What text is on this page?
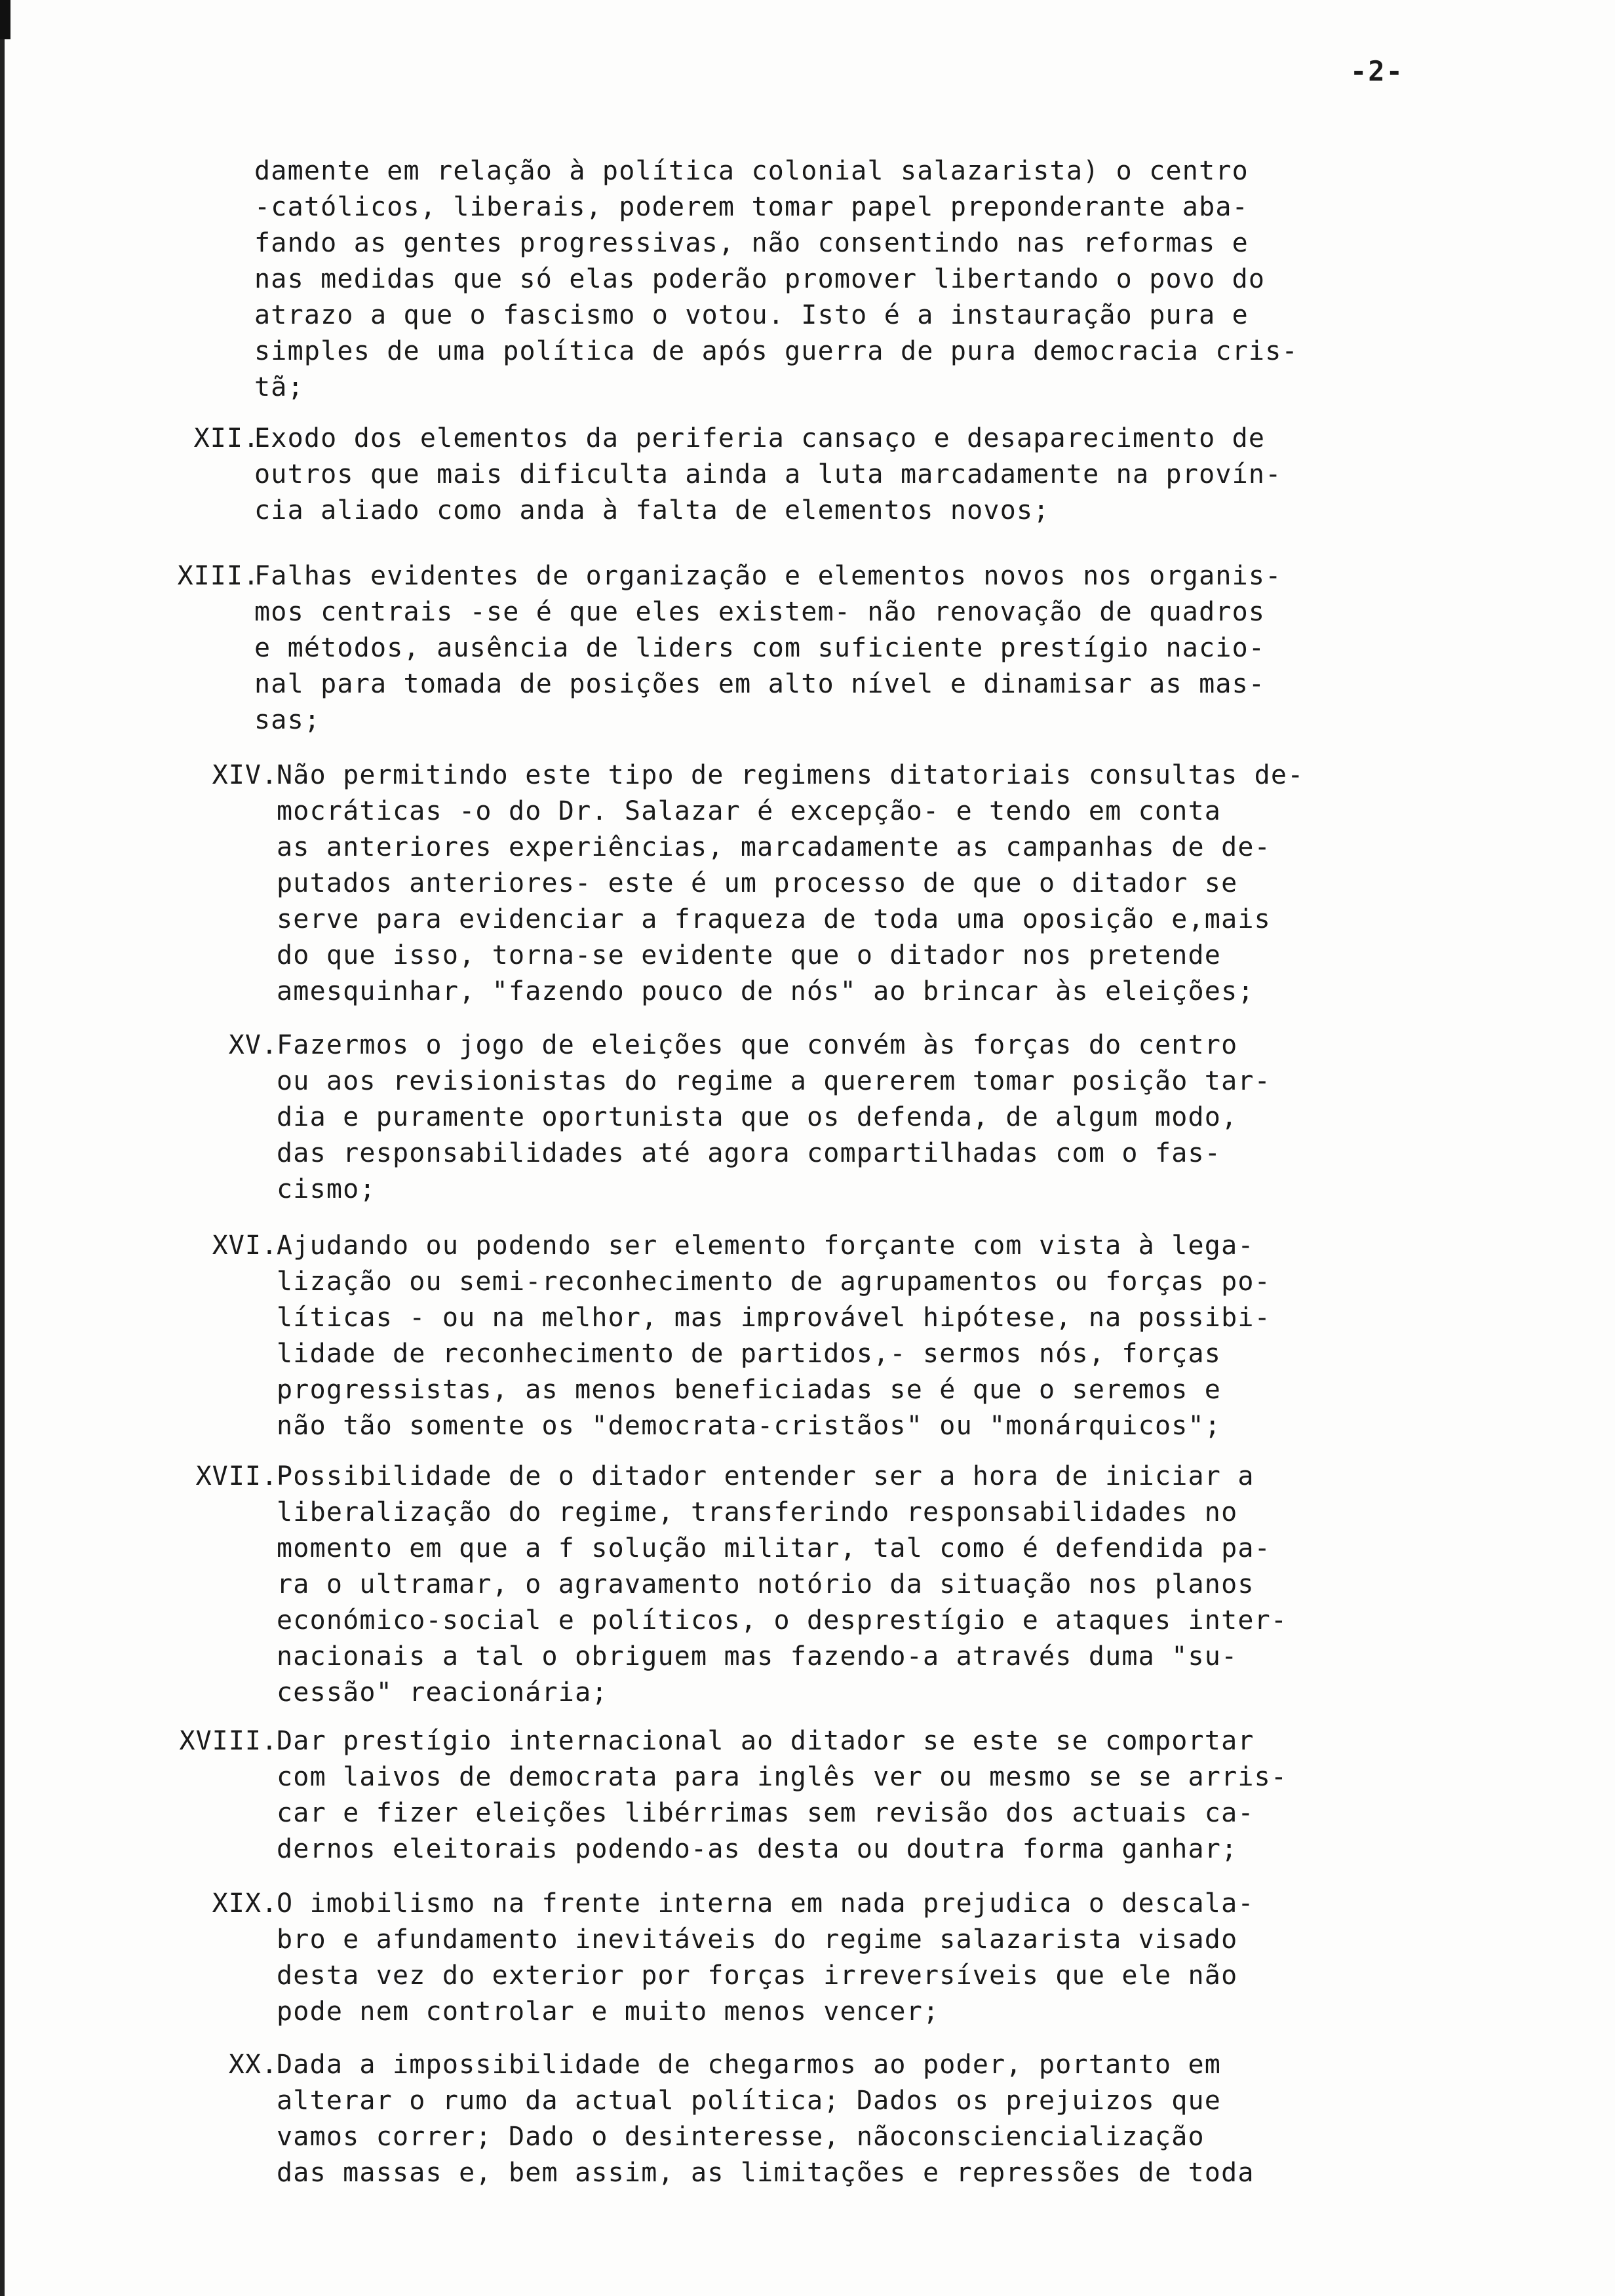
-2-
damente em relação à política colonial salazarista) o centro
-católicos, liberais, poderem tomar papel preponderante aba-
fando as gentes progressivas, não consentindo nas reformas e
nas medidas que só elas poderão promover libertando o povo do
atrazo a que o fascismo o votou. Isto é a instauração pura e
simples de uma política de após guerra de pura democracia cris-
tã;
XII.
Exodo dos elementos da periferia cansaço e desaparecimento de
outros que mais dificulta ainda a luta marcadamente na provín-
cia aliado como anda à falta de elementos novos;
XIII.
Falhas evidentes de organização e elementos novos nos organis-
mos centrais -se é que eles existem- não renovação de quadros
e métodos, ausência de liders com suficiente prestígio nacio-
nal para tomada de posições em alto nível e dinamisar as mas-
sas;
XIV.
Não permitindo este tipo de regimens ditatoriais consultas de-
mocráticas -o do Dr. Salazar é excepção- e tendo em conta
as anteriores experiências, marcadamente as campanhas de de-
putados anteriores- este é um processo de que o ditador se
serve para evidenciar a fraqueza de toda uma oposição e,mais
do que isso, torna-se evidente que o ditador nos pretende
amesquinhar, "fazendo pouco de nós" ao brincar às eleições;
XV.
Fazermos o jogo de eleições que convém às forças do centro
ou aos revisionistas do regime a quererem tomar posição tar-
dia e puramente oportunista que os defenda, de algum modo,
das responsabilidades até agora compartilhadas com o fas-
cismo;
XVI.
Ajudando ou podendo ser elemento forçante com vista à lega-
lização ou semi-reconhecimento de agrupamentos ou forças po-
líticas - ou na melhor, mas improvável hipótese, na possibi-
lidade de reconhecimento de partidos,- sermos nós, forças
progressistas, as menos beneficiadas se é que o seremos e
não tão somente os "democrata-cristãos" ou "monárquicos";
XVII.
Possibilidade de o ditador entender ser a hora de iniciar a
liberalização do regime, transferindo responsabilidades no
momento em que a f solução militar, tal como é defendida pa-
ra o ultramar, o agravamento notório da situação nos planos
económico-social e políticos, o desprestígio e ataques inter-
nacionais a tal o obriguem mas fazendo-a através duma "su-
cessão" reacionária;
XVIII.
Dar prestígio internacional ao ditador se este se comportar
com laivos de democrata para inglês ver ou mesmo se se arris-
car e fizer eleições libérrimas sem revisão dos actuais ca-
dernos eleitorais podendo-as desta ou doutra forma ganhar;
XIX.
O imobilismo na frente interna em nada prejudica o descala-
bro e afundamento inevitáveis do regime salazarista visado
desta vez do exterior por forças irreversíveis que ele não
pode nem controlar e muito menos vencer;
XX.
Dada a impossibilidade de chegarmos ao poder, portanto em
alterar o rumo da actual política; Dados os prejuizos que
vamos correr; Dado o desinteresse, nãoconsciencialização
das massas e, bem assim, as limitações e repressões de toda
